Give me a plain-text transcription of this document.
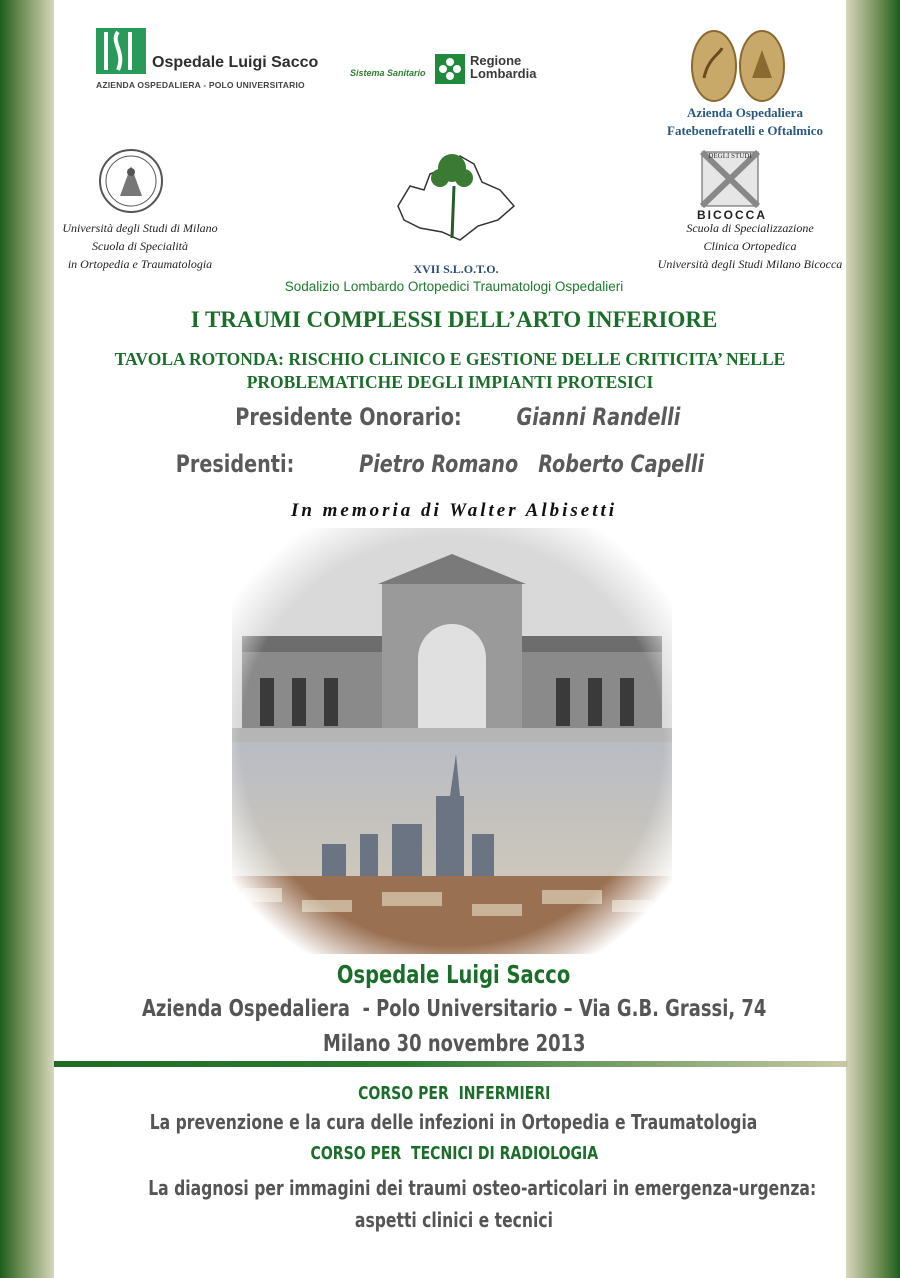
Ospedale Luigi Sacco
AZIENDA OSPEDALIERA - POLO UNIVERSITARIO
Sistema Sanitario
Regione
Lombardia
Azienda Ospedaliera
Fatebenefratelli e Oftalmico
Università degli Studi di Milano
Scuola di Specialità
in Ortopedia e Traumatologia	XVII S.L.O.T.O.
Sodalizio Lombardo Ortopedici Traumatologi Ospedalieri
DEGLI STUDI
BICOCCA
Scuola di Specializzazione
Clinica Ortopedica
Università degli Studi Milano Bicocca
I TRAUMI COMPLESSI DELL’ARTO INFERIORE
TAVOLA ROTONDA: RISCHIO CLINICO E GESTIONE DELLE CRITICITA’ NELLE
PROBLEMATICHE DEGLI IMPIANTI PROTESICI
Presidente Onorario: Gianni Randelli
Presidenti:	Pietro Romano   Roberto Capelli
In memoria di Walter Albisetti
Ospedale Luigi Sacco
Azienda Ospedaliera  - Polo Universitario – Via G.B. Grassi, 74
Milano 30 novembre 2013
CORSO PER  INFERMIERI
La prevenzione e la cura delle infezioni in Ortopedia e Traumatologia
CORSO PER  TECNICI DI RADIOLOGIA
La diagnosi per immagini dei traumi osteo-articolari in emergenza-urgenza:
aspetti clinici e tecnici
